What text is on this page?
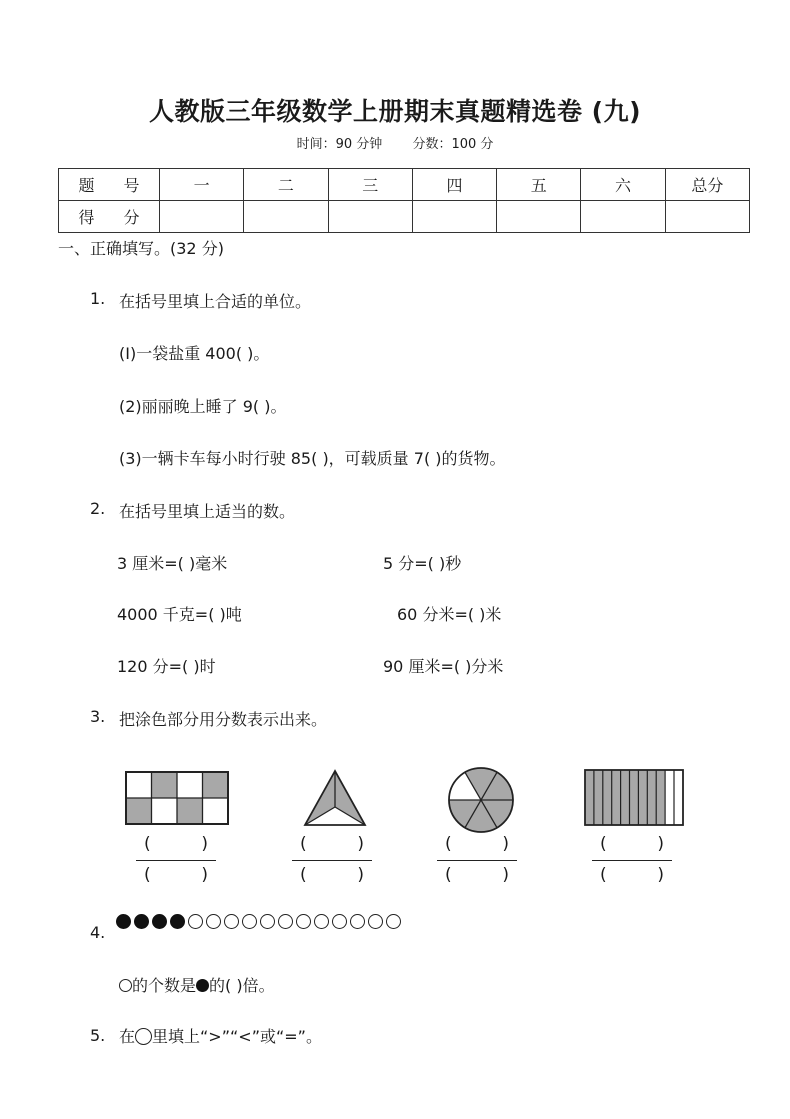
人教版三年级数学上册期末真题精选卷 (九)
时间：90 分钟 分数：100 分
题 号	一	二	三	四	五	六	总分
得 分							
一、正确填写。(32 分)
1. 在括号里填上合适的单位。
(Ⅰ)一袋盐重 400( )。
(2)丽丽晚上睡了 9( )。
(3)一辆卡车每小时行驶 85( )，可载质量 7( )的货物。
2. 在括号里填上适当的数。
3 厘米=( )毫米	5 分=( )秒
4000 千克=( )吨	60 分米=( )米
120 分=( )时	90 厘米=( )分米
3. 把涂色部分用分数表示出来。
(	)
(	)
(	)
(	)
(	)
(	)
(	)
(	)
4.
的个数是 的( )倍。
5. 在 里填上“>”“<”或“=”。
